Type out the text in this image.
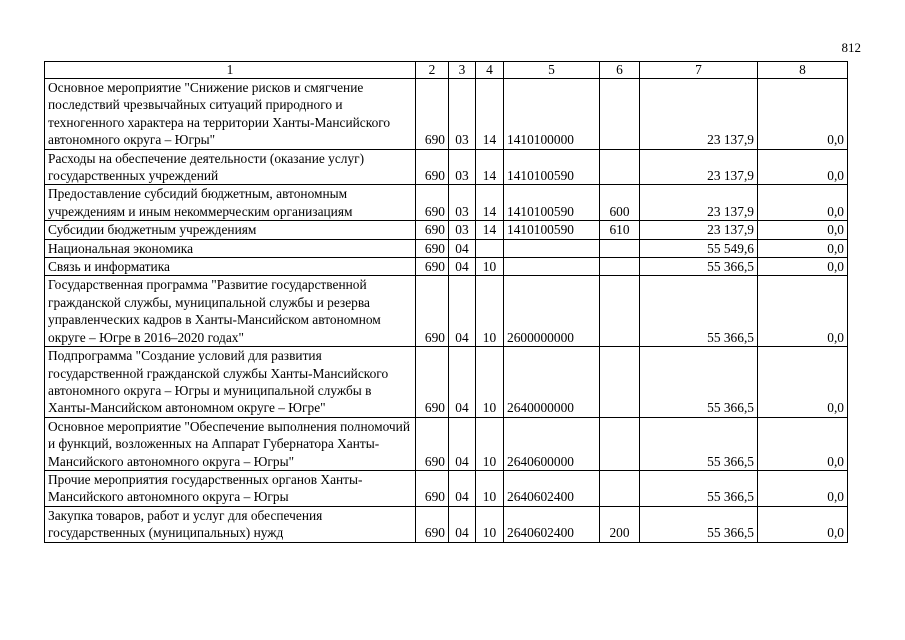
812
1	2	3	4	5	6	7	8
Основное мероприятие "Снижение рисков и смягчение последствий чрезвычайных ситуаций природного и техногенного характера на территории Ханты-Мансийского автономного округа – Югры"	690	03	14	1410100000		23 137,9	0,0
Расходы на обеспечение деятельности (оказание услуг) государственных учреждений	690	03	14	1410100590		23 137,9	0,0
Предоставление субсидий бюджетным, автономным учреждениям и иным некоммерческим организациям	690	03	14	1410100590	600	23 137,9	0,0
Субсидии бюджетным учреждениям	690	03	14	1410100590	610	23 137,9	0,0
Национальная экономика	690	04				55 549,6	0,0
Связь и информатика	690	04	10			55 366,5	0,0
Государственная программа "Развитие государственной гражданской службы, муниципальной службы и резерва управленческих кадров в Ханты-Мансийском автономном округе – Югре в 2016–2020 годах"	690	04	10	2600000000		55 366,5	0,0
Подпрограмма "Создание условий для развития государственной гражданской службы Ханты-Мансийского автономного округа – Югры и муниципальной службы в Ханты-Мансийском автономном округе – Югре"	690	04	10	2640000000		55 366,5	0,0
Основное мероприятие "Обеспечение выполнения полномочий и функций, возложенных на Аппарат Губернатора Ханты-Мансийского автономного округа – Югры"	690	04	10	2640600000		55 366,5	0,0
Прочие мероприятия государственных органов Ханты-Мансийского автономного округа – Югры	690	04	10	2640602400		55 366,5	0,0
Закупка товаров, работ и услуг для обеспечения государственных (муниципальных) нужд	690	04	10	2640602400	200	55 366,5	0,0
